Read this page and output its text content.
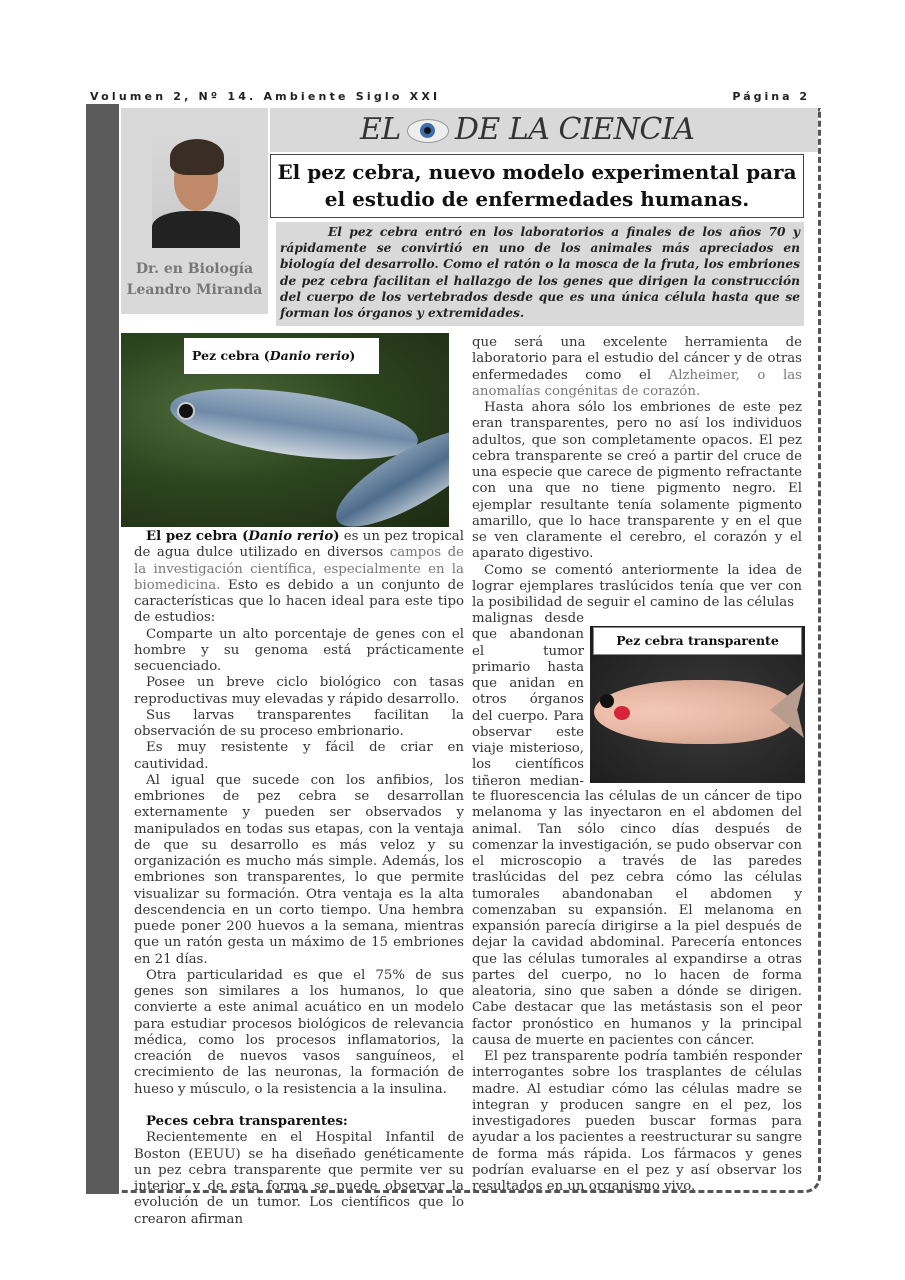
Volumen 2, Nº 14. Ambiente Siglo XXI	Página 2
EL DE LA CIENCIA
Dr. en Biología
Leandro Miranda
El pez cebra, nuevo modelo experimental para
el estudio de enfermedades humanas.

El pez cebra entró en los laboratorios a finales de los años 70 y rápidamente se convirtió en uno de los animales más apreciados en biología del desarrollo. Como el ratón o la mosca de la fruta, los embriones de pez cebra facilitan el hallazgo de los genes que dirigen la construcción del cuerpo de los vertebrados desde que es una única célula hasta que se forman los órganos y extremidades.

Pez cebra (Danio rerio)

El pez cebra (Danio rerio) es un pez tropical de agua dulce utilizado en diversos campos de la investigación científica, especialmente en la biomedicina. Esto es debido a un conjunto de características que lo hacen ideal para este tipo de estudios:

Comparte un alto porcentaje de genes con el hombre y su genoma está prácticamente secuenciado.

Posee un breve ciclo biológico con tasas reproductivas muy elevadas y rápido desarrollo.

Sus larvas transparentes facilitan la observación de su proceso embrionario.

Es muy resistente y fácil de criar en cautividad.

Al igual que sucede con los anfibios, los embriones de pez cebra se desarrollan externamente y pueden ser observados y manipulados en todas sus etapas, con la ventaja de que su desarrollo es más veloz y su organización es mucho más simple. Además, los embriones son transparentes, lo que permite visualizar su formación. Otra ventaja es la alta descendencia en un corto tiempo. Una hembra puede poner 200 huevos a la semana, mientras que un ratón gesta un máximo de 15 embriones en 21 días.

Otra particularidad es que el 75% de sus genes son similares a los humanos, lo que convierte a este animal acuático en un modelo para estudiar procesos biológicos de relevancia médica, como los procesos inflamatorios, la creación de nuevos vasos sanguíneos, el crecimiento de las neuronas, la formación de hueso y músculo, o la resistencia a la insulina.

Peces cebra transparentes:

Recientemente en el Hospital Infantil de Boston (EEUU) se ha diseñado genéticamente un pez cebra transparente que permite ver su interior y de esta forma se puede observar la evolución de un tumor. Los científicos que lo crearon afirman

que será una excelente herramienta de laboratorio para el estudio del cáncer y de otras enfermedades como el Alzheimer, o las anomalías congénitas de corazón.

Hasta ahora sólo los embriones de este pez eran transparentes, pero no así los individuos adultos, que son completamente opacos. El pez cebra transparente se creó a partir del cruce de una especie que carece de pigmento refractante con una que no tiene pigmento negro. El ejemplar resultante tenía solamente pigmento amarillo, que lo hace transparente y en el que se ven claramente el cerebro, el corazón y el aparato digestivo.

Como se comentó anteriormente la idea de lograr ejemplares traslúcidos tenía que ver con la posibilidad de seguir el camino de las células

malignas desde que abandonan el tumor primario hasta que anidan en otros órganos del cuerpo. Para observar este viaje misterioso, los científicos tiñeron median-
Pez cebra transparente

te fluorescencia las células de un cáncer de tipo melanoma y las inyectaron en el abdomen del animal. Tan sólo cinco días después de comenzar la investigación, se pudo observar con el microscopio a través de las paredes traslúcidas del pez cebra cómo las células tumorales abandonaban el abdomen y comenzaban su expansión. El melanoma en expansión parecía dirigirse a la piel después de dejar la cavidad abdominal. Parecería entonces que las células tumorales al expandirse a otras partes del cuerpo, no lo hacen de forma aleatoria, sino que saben a dónde se dirigen. Cabe destacar que las metástasis son el peor factor pronóstico en humanos y la principal causa de muerte en pacientes con cáncer.

El pez transparente podría también responder interrogantes sobre los trasplantes de células madre. Al estudiar cómo las células madre se integran y producen sangre en el pez, los investigadores pueden buscar formas para ayudar a los pacientes a reestructurar su sangre de forma más rápida. Los fármacos y genes podrían evaluarse en el pez y así observar los resultados en un organismo vivo.
